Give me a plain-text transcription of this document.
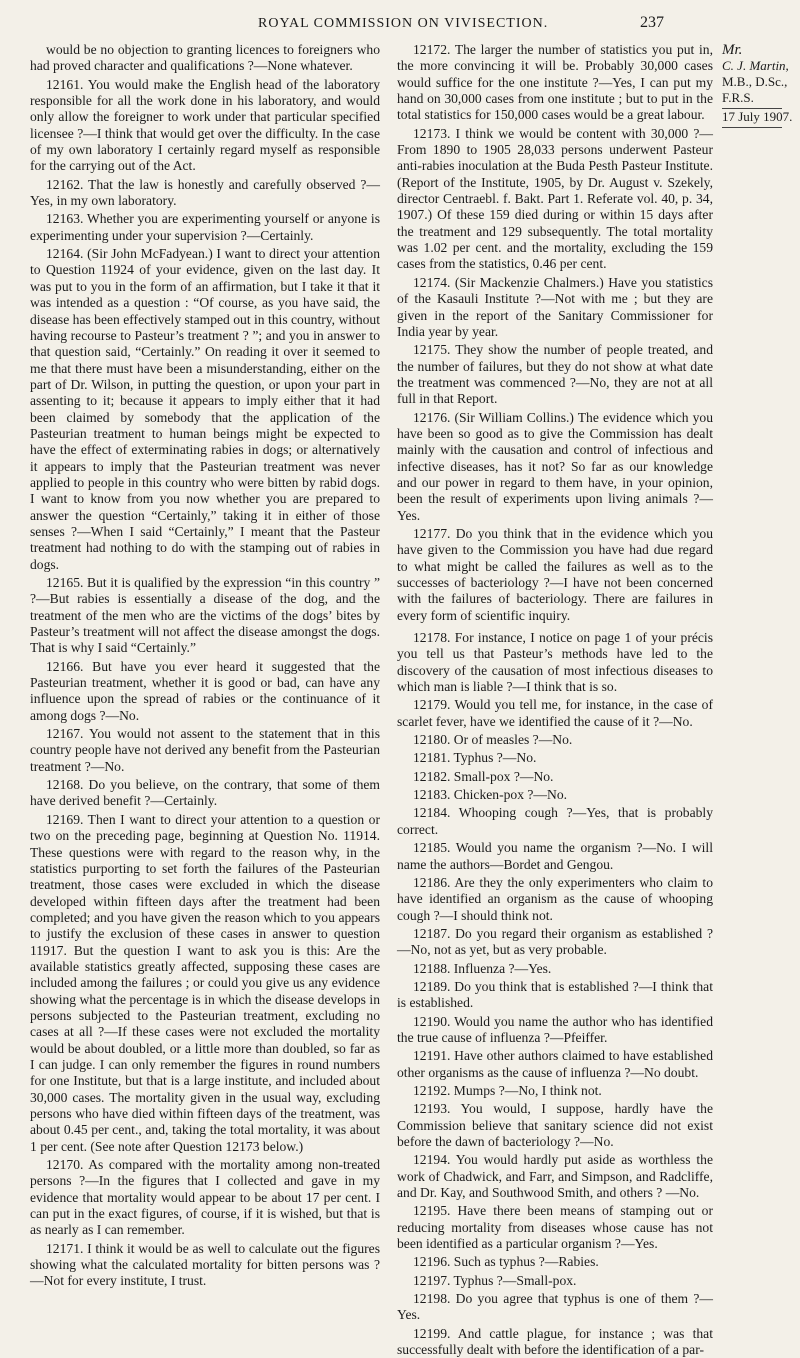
ROYAL COMMISSION ON VIVISECTION.	237

would be no objection to granting licences to foreigners who had proved character and qualifications ?—None whatever.

12161. You would make the English head of the laboratory responsible for all the work done in his laboratory, and would only allow the foreigner to work under that particular specified licensee ?—I think that would get over the difficulty. In the case of my own laboratory I certainly regard myself as responsible for the carrying out of the Act.

12162. That the law is honestly and carefully observed ?—Yes, in my own laboratory.

12163. Whether you are experimenting yourself or anyone is experimenting under your supervision ?—Certainly.

12164. (Sir John McFadyean.) I want to direct your attention to Question 11924 of your evidence, given on the last day. It was put to you in the form of an affirmation, but I take it that it was intended as a question : “Of course, as you have said, the disease has been effectively stamped out in this country, without having recourse to Pasteur’s treatment ? ”; and you in answer to that question said, “Certainly.” On reading it over it seemed to me that there must have been a misunderstanding, either on the part of Dr. Wilson, in putting the question, or upon your part in assenting to it; because it appears to imply either that it had been claimed by somebody that the application of the Pasteurian treatment to human beings might be expected to have the effect of exterminating rabies in dogs; or alternatively it appears to imply that the Pasteurian treatment was never applied to people in this country who were bitten by rabid dogs. I want to know from you now whether you are prepared to answer the question “Certainly,” taking it in either of those senses ?—When I said “Certainly,” I meant that the Pasteur treatment had nothing to do with the stamping out of rabies in dogs.

12165. But it is qualified by the expression “in this country ” ?—But rabies is essentially a disease of the dog, and the treatment of the men who are the victims of the dogs’ bites by Pasteur’s treatment will not affect the disease amongst the dogs. That is why I said “Certainly.”

12166. But have you ever heard it suggested that the Pasteurian treatment, whether it is good or bad, can have any influence upon the spread of rabies or the continuance of it among dogs ?—No.

12167. You would not assent to the statement that in this country people have not derived any benefit from the Pasteurian treatment ?—No.

12168. Do you believe, on the contrary, that some of them have derived benefit ?—Certainly.

12169. Then I want to direct your attention to a question or two on the preceding page, beginning at Question No. 11914. These questions were with regard to the reason why, in the statistics purporting to set forth the failures of the Pasteurian treatment, those cases were excluded in which the disease developed within fifteen days after the treatment had been completed; and you have given the reason which to you appears to justify the exclusion of these cases in answer to question 11917. But the question I want to ask you is this: Are the available statistics greatly affected, supposing these cases are included among the failures ; or could you give us any evidence showing what the percentage is in which the disease develops in persons subjected to the Pasteurian treatment, excluding no cases at all ?—If these cases were not excluded the mortality would be about doubled, or a little more than doubled, so far as I can judge. I can only remember the figures in round numbers for one Institute, but that is a large institute, and included about 30,000 cases. The mortality given in the usual way, excluding persons who have died within fifteen days of the treatment, was about 0.45 per cent., and, taking the total mortality, it was about 1 per cent. (See note after Question 12173 below.)

12170. As compared with the mortality among non-treated persons ?—In the figures that I collected and gave in my evidence that mortality would appear to be about 17 per cent. I can put in the exact figures, of course, if it is wished, but that is as nearly as I can remember.

12171. I think it would be as well to calculate out the figures showing what the calculated mortality for bitten persons was ?—Not for every institute, I trust.

12172. The larger the number of statistics you put in, the more convincing it will be. Probably 30,000 cases would suffice for the one institute ?—Yes, I can put my hand on 30,000 cases from one institute ; but to put in the total statistics for 150,000 cases would be a great labour.

12173. I think we would be content with 30,000 ?—From 1890 to 1905 28,033 persons underwent Pasteur anti-rabies inoculation at the Buda Pesth Pasteur Institute. (Report of the Institute, 1905, by Dr. August v. Szekely, director Centraebl. f. Bakt. Part 1. Referate vol. 40, p. 34, 1907.) Of these 159 died during or within 15 days after the treatment and 129 subsequently. The total mortality was 1.02 per cent. and the mortality, excluding the 159 cases from the statistics, 0.46 per cent.

12174. (Sir Mackenzie Chalmers.) Have you statistics of the Kasauli Institute ?—Not with me ; but they are given in the report of the Sanitary Commissioner for India year by year.

12175. They show the number of people treated, and the number of failures, but they do not show at what date the treatment was commenced ?—No, they are not at all full in that Report.

12176. (Sir William Collins.) The evidence which you have been so good as to give the Commission has dealt mainly with the causation and control of infectious and infective diseases, has it not? So far as our knowledge and our power in regard to them have, in your opinion, been the result of experiments upon living animals ?—Yes.

12177. Do you think that in the evidence which you have given to the Commission you have had due regard to what might be called the failures as well as to the successes of bacteriology ?—I have not been concerned with the failures of bacteriology. There are failures in every form of scientific inquiry.

12178. For instance, I notice on page 1 of your précis you tell us that Pasteur’s methods have led to the discovery of the causation of most infectious diseases to which man is liable ?—I think that is so.

12179. Would you tell me, for instance, in the case of scarlet fever, have we identified the cause of it ?—No.

12180. Or of measles ?—No.

12181. Typhus ?—No.

12182. Small-pox ?—No.

12183. Chicken-pox ?—No.

12184. Whooping cough ?—Yes, that is probably correct.

12185. Would you name the organism ?—No. I will name the authors—Bordet and Gengou.

12186. Are they the only experimenters who claim to have identified an organism as the cause of whooping cough ?—I should think not.

12187. Do you regard their organism as established ? —No, not as yet, but as very probable.

12188. Influenza ?—Yes.

12189. Do you think that is established ?—I think that is established.

12190. Would you name the author who has identified the true cause of influenza ?—Pfeiffer.

12191. Have other authors claimed to have established other organisms as the cause of influenza ?—No doubt.

12192. Mumps ?—No, I think not.

12193. You would, I suppose, hardly have the Commission believe that sanitary science did not exist before the dawn of bacteriology ?—No.

12194. You would hardly put aside as worthless the work of Chadwick, and Farr, and Simpson, and Radcliffe, and Dr. Kay, and Southwood Smith, and others ? —No.

12195. Have there been means of stamping out or reducing mortality from diseases whose cause has not been identified as a particular organism ?—Yes.

12196. Such as typhus ?—Rabies.

12197. Typhus ?—Small-pox.

12198. Do you agree that typhus is one of them ?—Yes.

12199. And cattle plague, for instance ; was that successfully dealt with before the identification of a par-

Mr.
C. J. Martin,
M.B., D.Sc.,
F.R.S.
17 July 1907.
